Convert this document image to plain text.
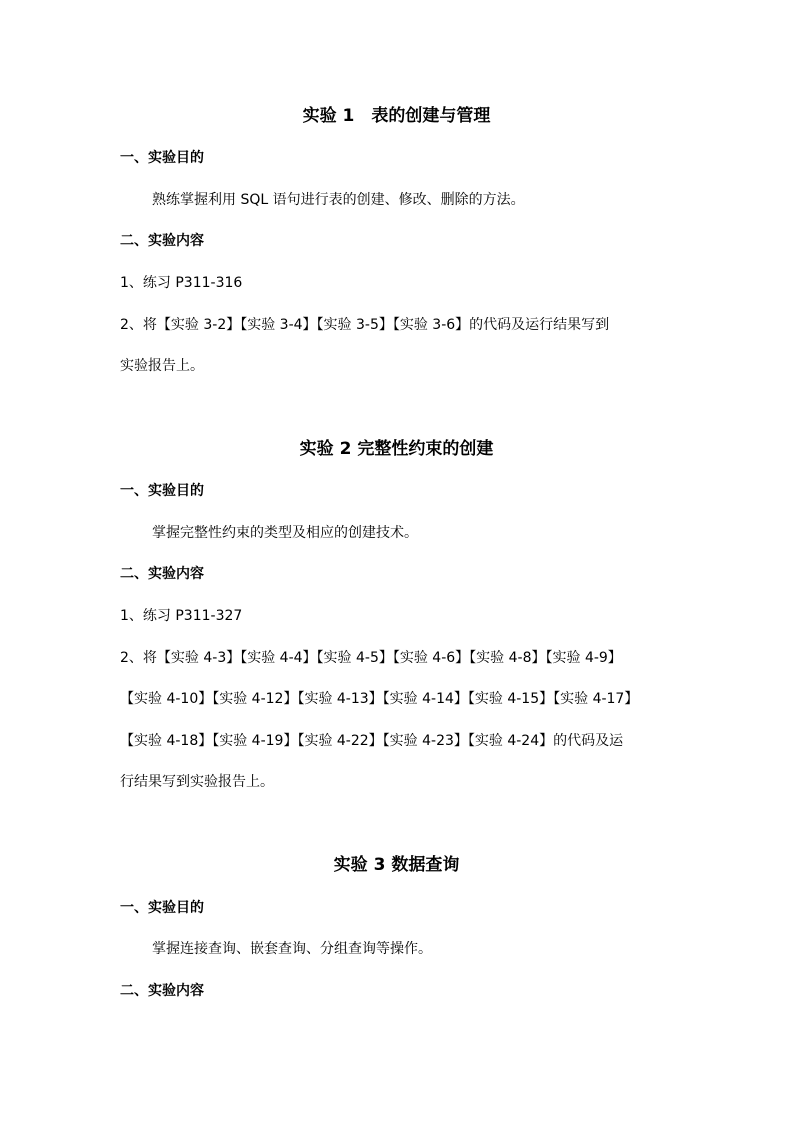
实验 1　表的创建与管理
一、实验目的
熟练掌握利用 SQL 语句进行表的创建、修改、删除的方法。
二、实验内容
1、练习 P311-316
2、将【实验 3-2】【实验 3-4】【实验 3-5】【实验 3-6】的代码及运行结果写到
实验报告上。
实验 2 完整性约束的创建
一、实验目的
掌握完整性约束的类型及相应的创建技术。
二、实验内容
1、练习 P311-327
2、将【实验 4-3】【实验 4-4】【实验 4-5】【实验 4-6】【实验 4-8】【实验 4-9】
【实验 4-10】【实验 4-12】【实验 4-13】【实验 4-14】【实验 4-15】【实验 4-17】
【实验 4-18】【实验 4-19】【实验 4-22】【实验 4-23】【实验 4-24】的代码及运
行结果写到实验报告上。
实验 3 数据查询
一、实验目的
掌握连接查询、嵌套查询、分组查询等操作。
二、实验内容
